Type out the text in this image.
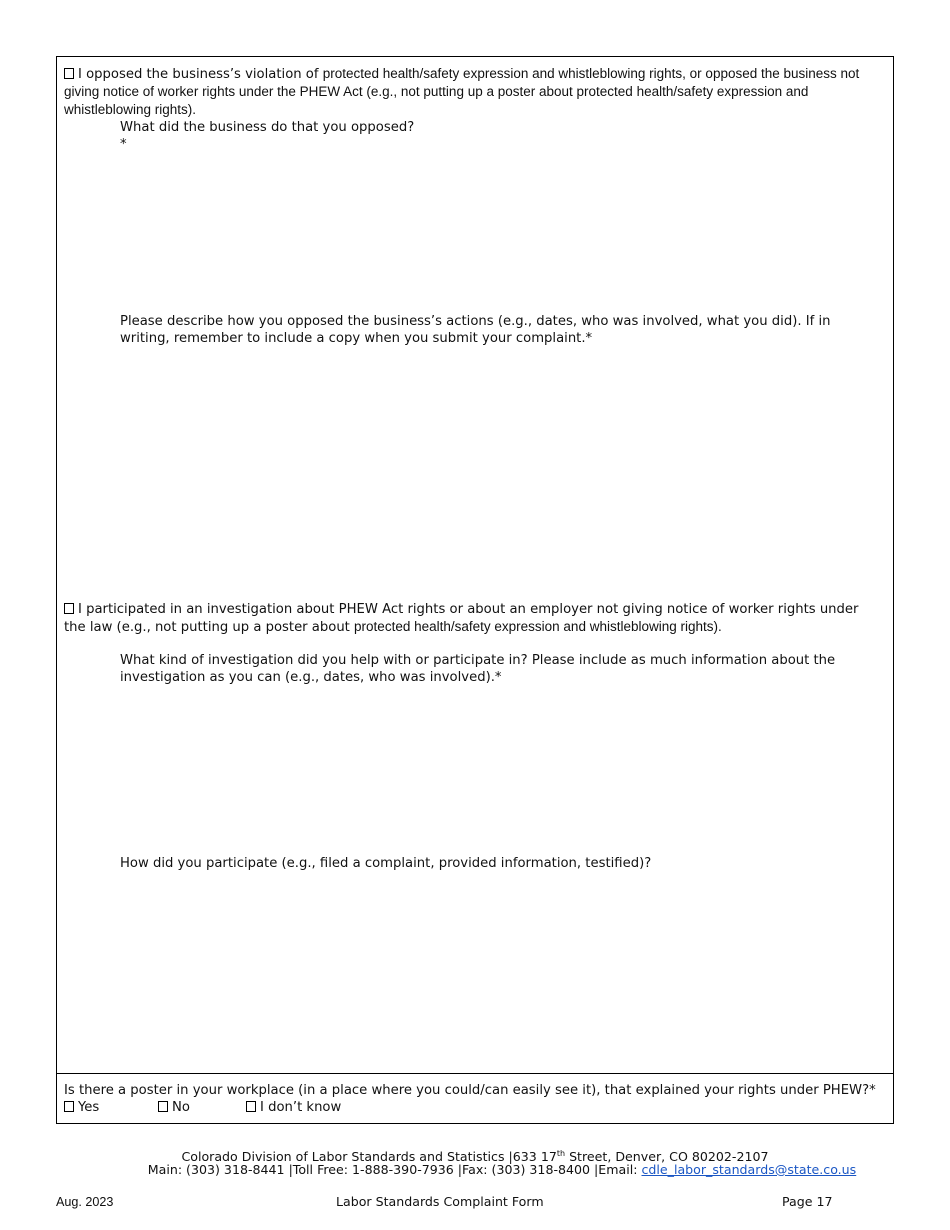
I opposed the business’s violation of protected health/safety expression and whistleblowing rights, or opposed the business not giving notice of worker rights under the PHEW Act (e.g., not putting up a poster about protected health/safety expression and whistleblowing rights).
What did the business do that you opposed?
*
Please describe how you opposed the business’s actions (e.g., dates, who was involved, what you did). If in writing, remember to include a copy when you submit your complaint.*
I participated in an investigation about PHEW Act rights or about an employer not giving notice of worker rights under the law (e.g., not putting up a poster about protected health/safety expression and whistleblowing rights).
What kind of investigation did you help with or participate in? Please include as much information about the investigation as you can (e.g., dates, who was involved).*
How did you participate (e.g., filed a complaint, provided information, testified)?
Is there a poster in your workplace (in a place where you could/can easily see it), that explained your rights under PHEW?*
Yes	No	I don’t know
Colorado Division of Labor Standards and Statistics |633 17th Street, Denver, CO 80202-2107
Main: (303) 318-8441 |Toll Free: 1-888-390-7936 |Fax: (303) 318-8400 |Email: cdle_labor_standards@state.co.us
Aug. 2023	Labor Standards Complaint Form	Page 17
